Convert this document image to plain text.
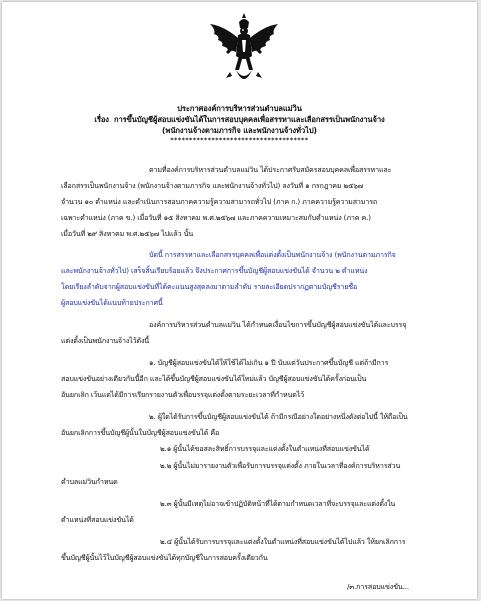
ประกาศองค์การบริหารส่วนตำบลแม่วิน
เรื่อง การขึ้นบัญชีผู้สอบแข่งขันได้ในการสอบบุคคลเพื่อสรรหาและเลือกสรรเป็นพนักงานจ้าง
(พนักงานจ้างตามภารกิจ และพนักงานจ้างทั่วไป)
*************************************
ตามที่องค์การบริหารส่วนตำบลแม่วิน ได้ประกาศรับสมัครสอบบุคคลเพื่อสรรหาและ
เลือกสรรเป็นพนักงานจ้าง (พนักงานจ้างตามภารกิจ และพนักงานจ้างทั่วไป) ลงวันที่ ๑ กรกฎาคม ๒๕๖๗
จำนวน ๑๐ ตำแหน่ง และดำเนินการสอบภาคความรู้ความสามารถทั่วไป (ภาค ก.) ภาคความรู้ความสามารถ
เฉพาะตำแหน่ง (ภาค ข.) เมื่อวันที่ ๑๕ สิงหาคม พ.ศ.๒๕๖๗ และภาคความเหมาะสมกับตำแหน่ง (ภาค ค.)
เมื่อวันที่ ๒๙ สิงหาคม พ.ศ.๒๕๖๗ ไปแล้ว นั้น
บัดนี้ การสรรหาและเลือกสรรบุคคลเพื่อแต่งตั้งเป็นพนักงานจ้าง (พนักงานตามภารกิจ
และพนักงานจ้างทั่วไป) เสร็จสิ้นเรียบร้อยแล้ว จึงประกาศการขึ้นบัญชีผู้สอบแข่งขันได้ จำนวน ๒ ตำแหน่ง
โดยเรียงลำดับจากผู้สอบแข่งขันที่ได้คะแนนสูงสุดลงมาตามลำดับ รายละเอียดปรากฏตามบัญชีรายชื่อ
ผู้สอบแข่งขันได้แนบท้ายประกาศนี้
องค์การบริหารส่วนตำบลแม่วิน ได้กำหนดเงื่อนไขการขึ้นบัญชีผู้สอบแข่งขันได้และบรรจุ
แต่งตั้งเป็นพนักงานจ้างไว้ดังนี้
๑. บัญชีผู้สอบแข่งขันได้ให้ใช้ได้ไม่เกิน ๑ ปี นับแต่วันประกาศขึ้นบัญชี แต่ถ้ามีการ
สอบแข่งขันอย่างเดียวกันนี้อีก และได้ขึ้นบัญชีผู้สอบแข่งขันได้ใหม่แล้ว บัญชีผู้สอบแข่งขันได้ครั้งก่อนเป็น
อันยกเลิก เว้นแต่ได้มีการเรียกรายงานตัวเพื่อบรรจุแต่งตั้งตามระยะเวลาที่กำหนดไว้
๒. ผู้ใดได้รับการขึ้นบัญชีผู้สอบแข่งขันได้ ถ้ามีกรณีอย่างใดอย่างหนึ่งดังต่อไปนี้ ให้ถือเป็น
อันยกเลิกการขึ้นบัญชีผู้นั้นในบัญชีผู้สอบแข่งขันได้ คือ
๒.๑ ผู้นั้นได้ขอสละสิทธิ์การบรรจุและแต่งตั้งในตำแหน่งที่สอบแข่งขันได้
๒.๒ ผู้นั้นไม่มารายงานตัวเพื่อรับการบรรจุแต่งตั้ง ภายในเวลาที่องค์การบริหารส่วน
ตำบลแม่วินกำหนด
๒.๓ ผู้นั้นมีเหตุไม่อาจเข้าปฏิบัติหน้าที่ได้ตามกำหนดเวลาที่จะบรรจุและแต่งตั้งใน
ตำแหน่งที่สอบแข่งขันได้
๒.๔ ผู้นั้นได้รับการบรรจุและแต่งตั้งในตำแหน่งที่สอบแข่งขันได้ไปแล้ว ให้ยกเลิกการ
ขึ้นบัญชีผู้นั้นไว้ในบัญชีผู้สอบแข่งขันได้ทุกบัญชีในการสอบครั้งเดียวกัน
/๓.การสอบแข่งขัน...
